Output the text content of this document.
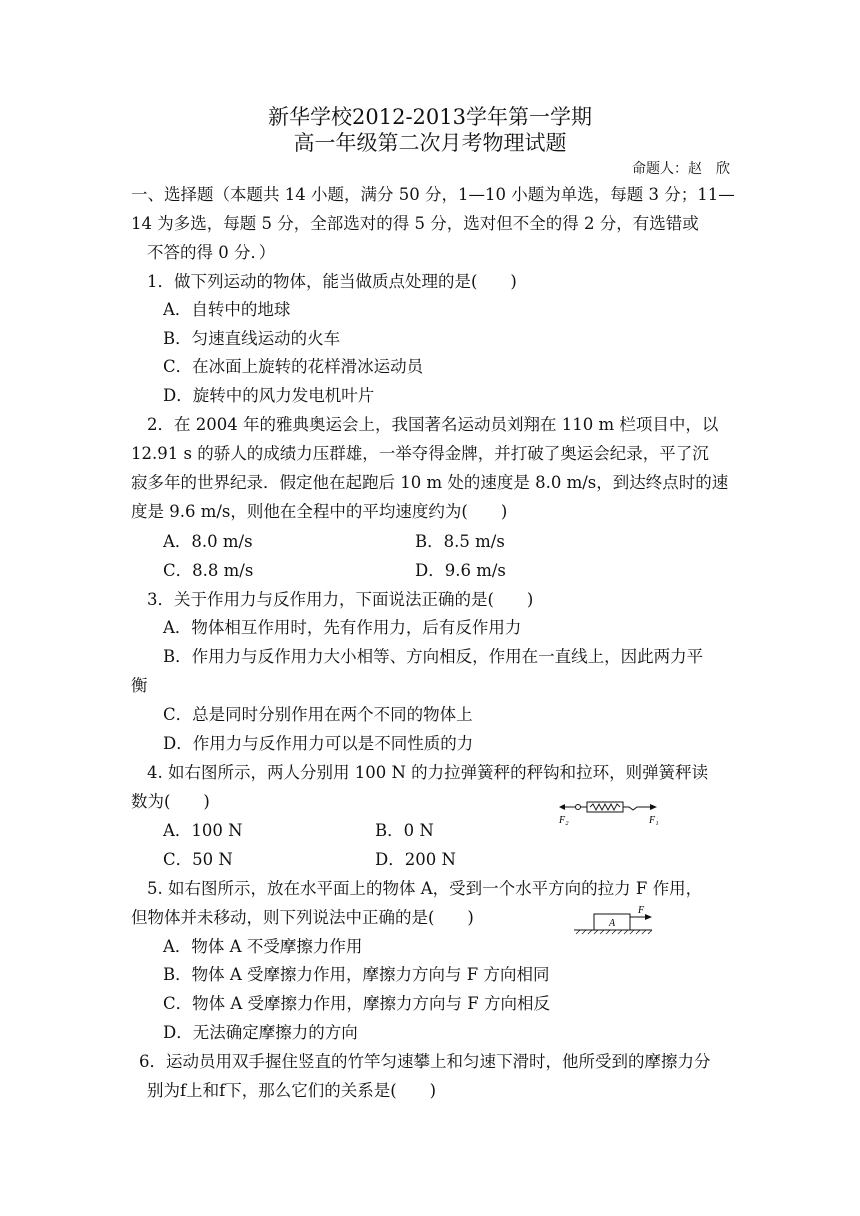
新华学校2012-2013学年第一学期
高一年级第二次月考物理试题
命题人：赵　欣
一、选择题（本题共 14 小题，满分 50 分，1—10 小题为单选，每题 3 分；11—
14 为多选，每题 5 分，全部选对的得 5 分，选对但不全的得 2 分，有选错或
不答的得 0 分．）
1．做下列运动的物体，能当做质点处理的是(　　)
A．自转中的地球
B．匀速直线运动的火车
C．在冰面上旋转的花样滑冰运动员
D．旋转中的风力发电机叶片
2．在 2004 年的雅典奥运会上，我国著名运动员刘翔在 110 m 栏项目中，以
12.91 s 的骄人的成绩力压群雄，一举夺得金牌，并打破了奥运会纪录，平了沉
寂多年的世界纪录．假定他在起跑后 10 m 处的速度是 8.0 m/s，到达终点时的速
度是 9.6 m/s，则他在全程中的平均速度约为(　　)
A．8.0 m/s	B．8.5 m/s
C．8.8 m/s	D．9.6 m/s
3．关于作用力与反作用力，下面说法正确的是(　　)
A．物体相互作用时，先有作用力，后有反作用力
B．作用力与反作用力大小相等、方向相反，作用在一直线上，因此两力平
衡
C．总是同时分别作用在两个不同的物体上
D．作用力与反作用力可以是不同性质的力
4. 如右图所示，两人分别用 100 N 的力拉弹簧秤的秤钩和拉环，则弹簧秤读
数为(　　)
A．100 N	B．0 N
C．50 N	D．200 N
F₂	F₁
5. 如右图所示，放在水平面上的物体 A，受到一个水平方向的拉力 F 作用，
但物体并未移动，则下列说法中正确的是(　　)
A．物体 A 不受摩擦力作用
B．物体 A 受摩擦力作用，摩擦力方向与 F 方向相同
C．物体 A 受摩擦力作用，摩擦力方向与 F 方向相反
D．无法确定摩擦力的方向
A
F
6．运动员用双手握住竖直的竹竿匀速攀上和匀速下滑时，他所受到的摩擦力分
别为f上和f下，那么它们的关系是(　　)
